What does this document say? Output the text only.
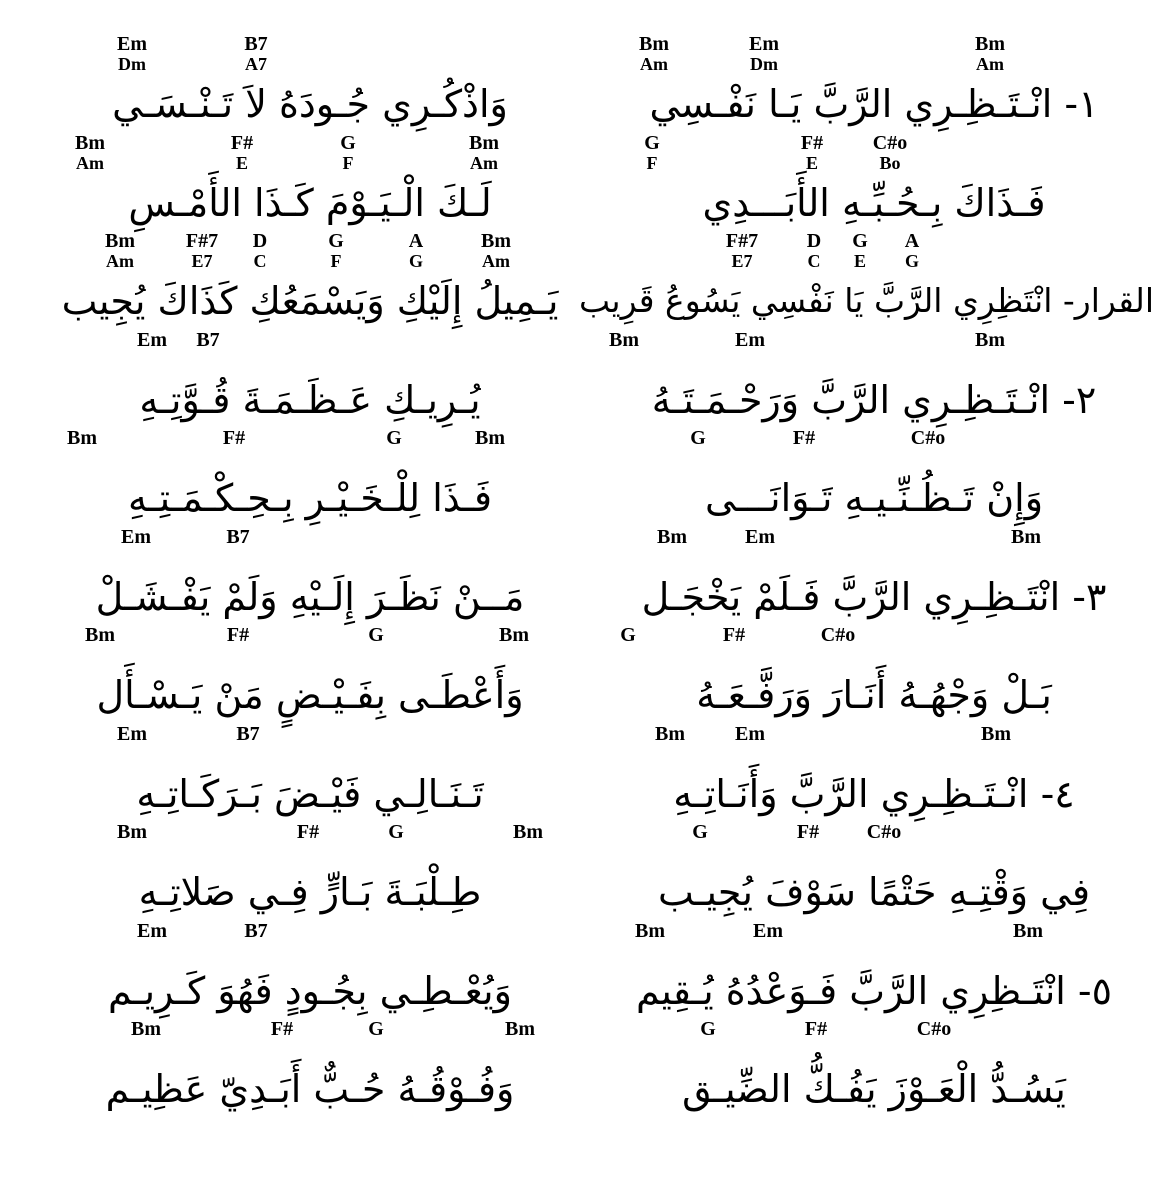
Bm
Am
Em
Dm
Bm
Am
١- انْـتَـظِـرِي الرَّبَّ يَـا نَفْـسِي
G
F
F#
E
C#o
Bo
فَـذَاكَ بِـحُـبِّـهِ الأَبَـــدِي
F#7
E7
D
C
G
E
A
G
القرار- انْتَظِرِي الرَّبَّ يَا نَفْسِي يَسُوعُ قَرِيب
Bm	Em	Bm
٢- انْـتَـظِـرِي الرَّبَّ وَرَحْـمَـتَـهُ
G	F#	C#o
وَإِنْ تَـظُـنِّـيـهِ تَـوَانَـــى
Bm	Em	Bm
٣- انْتَـظِـرِي الرَّبَّ فَـلَمْ يَخْجَـل
G	F#	C#o
بَـلْ وَجْهُـهُ أَنَـارَ وَرَفَّـعَـهُ
Bm	Em	Bm
٤- انْـتَـظِـرِي الرَّبَّ وَأَنَـاتِـهِ
G	F# C#o
فِي وَقْتِـهِ حَتْمًا سَوْفَ يُجِيـب
Bm	Em	Bm
٥- انْتَـظِرِي الرَّبَّ فَـوَعْدُهُ يُـقِيم
G	F#	C#o
يَسُـدُّ الْعَـوْزَ يَفُـكُّ الضِّيـق
Em
Dm
B7
A7
وَاذْكُـرِي جُـودَهُ لاَ تَـنْـسَـي
Bm
Am
F#
E
G
F
Bm
Am
لَـكَ الْـيَـوْمَ كَـذَا الأَمْـسِ
Bm
Am
F#7
E7
D
C
G
F
A
G
Bm
Am
يَـمِيلُ إِلَيْكِ وَيَسْمَعُكِ كَذَاكَ يُجِيب
Em B7
يُـرِيـكِ عَـظَـمَـةَ قُـوَّتِـهِ
Bm	F#	G	Bm
فَـذَا لِلْـخَـيْـرِ بِـحِـكْـمَـتِـهِ
Em	B7
مَــنْ نَظَـرَ إِلَـيْهِ وَلَمْ يَفْـشَـلْ
Bm	F#	G	Bm
وَأَعْطَـى بِفَـيْـضٍ مَنْ يَـسْـأَل
Em	B7
تَـنَـالِـي فَيْـضَ بَـرَكَـاتِـهِ
Bm	F#	G	Bm
طِـلْبَـةَ بَـارٍّ فِـي صَلاتِـهِ
Em	B7
وَيُعْـطِـي بِجُـودٍ فَهُوَ كَـرِيـم
Bm	F#	G	Bm
وَفُـوْقُـهُ حُـبٌّ أَبَـدِيّ عَظِيـم
